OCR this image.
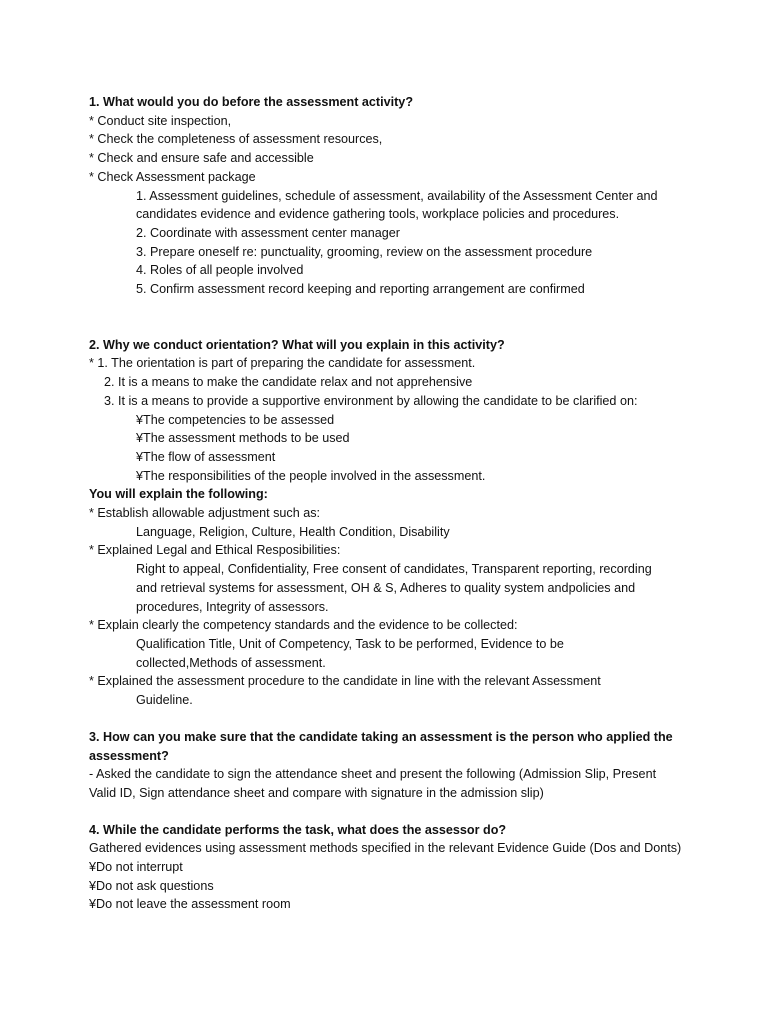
1. What would you do before the assessment activity?
* Conduct site inspection,
* Check the completeness of assessment resources,
* Check and ensure safe and accessible
* Check Assessment package
1. Assessment guidelines, schedule of assessment, availability of the Assessment Center and
candidates evidence and evidence gathering tools, workplace policies and procedures.
2. Coordinate with assessment center manager
3. Prepare oneself re: punctuality, grooming, review on the assessment procedure
4. Roles of all people involved
5. Confirm assessment record keeping and reporting arrangement are confirmed
2. Why we conduct orientation? What will you explain in this activity?
* 1. The orientation is part of preparing the candidate for assessment.
2. It is a means to make the candidate relax and not apprehensive
3. It is a means to provide a supportive environment by allowing the candidate to be clarified on:
¥The competencies to be assessed
¥The assessment methods to be used
¥The flow of assessment
¥The responsibilities of the people involved in the assessment.
You will explain the following:
* Establish allowable adjustment such as:
Language, Religion, Culture, Health Condition, Disability
* Explained Legal and Ethical Resposibilities:
Right to appeal, Confidentiality, Free consent of candidates, Transparent reporting, recording
and retrieval systems for assessment, OH & S, Adheres to quality system andpolicies and
procedures, Integrity of assessors.
* Explain clearly the competency standards and the evidence to be collected:
Qualification Title, Unit of Competency, Task to be performed, Evidence to be
collected,Methods of assessment.
* Explained the assessment procedure to the candidate in line with the relevant Assessment
Guideline.
3. How can you make sure that the candidate taking an assessment is the person who applied the
assessment?
- Asked the candidate to sign the attendance sheet and present the following (Admission Slip, Present
Valid ID, Sign attendance sheet and compare with signature in the admission slip)
4. While the candidate performs the task, what does the assessor do?
Gathered evidences using assessment methods specified in the relevant Evidence Guide (Dos and Donts)
¥Do not interrupt
¥Do not ask questions
¥Do not leave the assessment room
